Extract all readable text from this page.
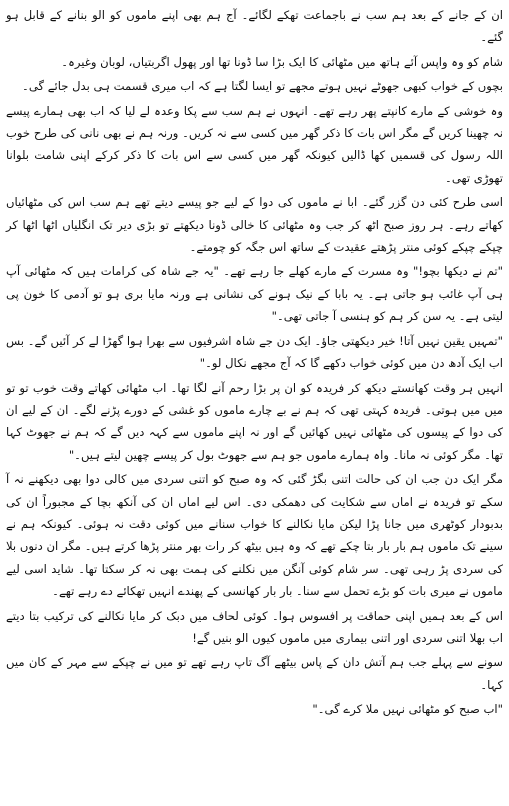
ان کے جانے کے بعد ہم سب نے باجماعت تھکے لگائے۔ آج ہم بھی اپنے ماموں کو الو بنانے کے قابل ہو گئے۔

شام کو وہ واپس آئے ہاتھ میں مٹھائی کا ایک بڑا سا ڈونا تھا اور پھول اگربتیاں، لوبان وغیرہ۔

بچوں کے خواب کبھی جھوٹے نہیں ہوتے مجھے تو ایسا لگتا ہے کہ اب میری قسمت ہی بدل جائے گی۔

وہ خوشی کے مارے کانپتے پھر رہے تھے۔ انہوں نے ہم سب سے پکا وعدہ لے لیا کہ اب بھی ہمارے پیسے نہ چھینا کریں گے مگر اس بات کا ذکر گھر میں کسی سے نہ کریں۔ ورنہ ہم نے بھی نانی کی طرح خوب اللہ رسول کی قسمیں کھا ڈالیں کیونکہ گھر میں کسی سے اس بات کا ذکر کرکے اپنی شامت بلوانا تھوڑی تھی۔

اسی طرح کئی دن گزر گئے۔ ابا نے ماموں کی دوا کے لیے جو پیسے دیتے تھے ہم سب اس کی مٹھائیاں کھاتے رہے۔ ہر روز صبح اٹھ کر جب وہ مٹھائی کا خالی ڈونا دیکھتے تو بڑی دیر تک انگلیاں اٹھا اٹھا کر چپکے چپکے کوئی منتر پڑھتے عقیدت کے ساتھ اس جگہ کو چومتے۔

"تم نے دیکھا بچو!" وہ مسرت کے مارے کھلے جا رہے تھے۔ "یہ جے شاہ کی کرامات ہیں کہ مٹھائی آپ ہی آپ غائب ہو جاتی ہے۔ یہ بابا کے نیک ہونے کی نشانی ہے ورنہ مایا بری ہو تو آدمی کا خون پی لیتی ہے۔ یہ سن کر ہم کو ہنسی آ جاتی تھی۔"

"تمہیں یقین نہیں آتا! خیر دیکھتی جاؤ۔ ایک دن جے شاہ اشرفیوں سے بھرا ہوا گھڑا لے کر آئیں گے۔ بس اب ایک آدھ دن میں کوئی خواب دکھے گا کہ آج مجھے نکال لو۔"

انہیں ہر وقت کھانستے دیکھ کر فریدہ کو ان پر بڑا رحم آنے لگا تھا۔ اب مٹھائی کھاتے وقت خوب تو تو میں میں ہوتی۔ فریدہ کہتی تھی کہ ہم نے بے چارے ماموں کو غشی کے دورے پڑنے لگے۔ ان کے لیے ان کی دوا کے پیسوں کی مٹھائی نہیں کھائیں گے اور نہ اپنے ماموں سے کہہ دیں گے کہ ہم نے جھوٹ کہا تھا۔ مگر کوئی نہ مانا۔ واہ ہمارے ماموں جو ہم سے جھوٹ بول کر پیسے چھین لیتے ہیں۔"

مگر ایک دن جب ان کی حالت اتنی بگڑ گئی کہ وہ صبح کو اتنی سردی میں کالی دوا بھی دیکھنے نہ آ سکے تو فریدہ نے اماں سے شکایت کی دھمکی دی۔ اس لیے اماں ان کی آنکھ بچا کے مجبوراً ان کی بدبودار کوٹھری میں جانا پڑا لیکن مایا نکالنے کا خواب سنانے میں کوئی دقت نہ ہوئی۔ کیونکہ ہم نے سینے تک ماموں ہم بار بار بتا چکے تھے کہ وہ ہیں بیٹھ کر رات بھر منتر پڑھا کرتے ہیں۔ مگر ان دنوں بلا کی سردی پڑ رہی تھی۔ سر شام کوئی آنگن میں نکلنے کی ہمت بھی نہ کر سکتا تھا۔ شاید اسی لیے ماموں نے میری بات کو بڑے تحمل سے سنا۔ بار بار کھانسی کے پھندے انہیں تھکائے دے رہے تھے۔

اس کے بعد ہمیں اپنی حماقت پر افسوس ہوا۔ کوئی لحاف میں دبک کر مایا نکالنے کی ترکیب بتا دیتے اب بھلا اتنی سردی اور اتنی بیماری میں ماموں کیوں الو بنیں گے!

سونے سے پہلے جب ہم آتش دان کے پاس بیٹھے آگ تاپ رہے تھے تو میں نے چپکے سے مہر کے کان میں کہا۔

"اب صبح کو مٹھائی نہیں ملا کرے گی۔"
